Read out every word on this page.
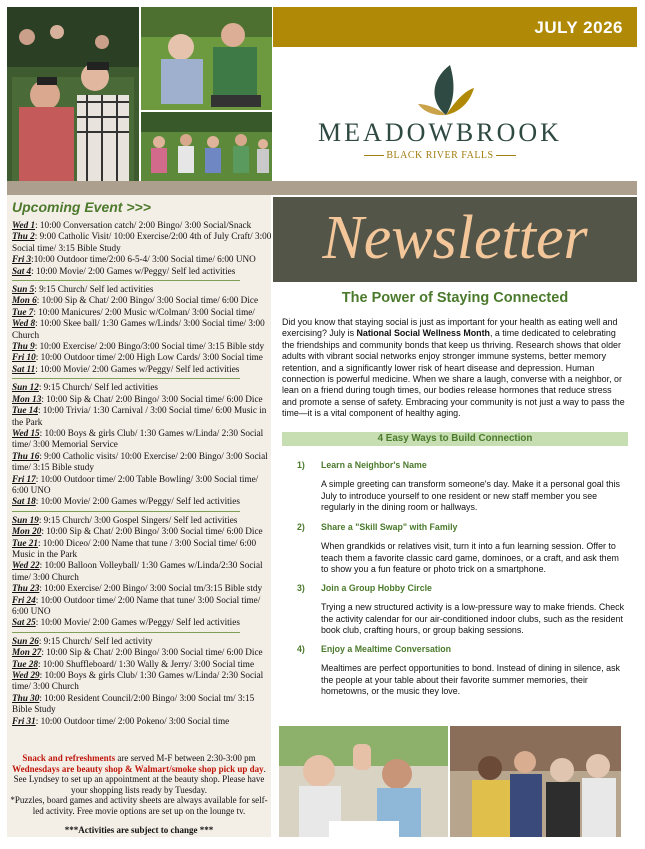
JULY 2026
MEADOWBROOK
BLACK RIVER FALLS
Upcoming Event >>>

Wed 1: 10:00 Conversation catch/ 2:00 Bingo/ 3:00 Social/Snack

Thu 2: 9:00 Catholic Visit/ 10:00 Exercise/2:00 4th of July Craft/ 3:00 Social time/ 3:15 Bible Study

Fri 3:10:00 Outdoor time/2:00 6-5-4/ 3:00 Social time/ 6:00 UNO

Sat 4: 10:00 Movie/ 2:00 Games w/Peggy/ Self led activities

Sun 5: 9:15 Church/ Self led activities

Mon 6: 10:00 Sip & Chat/ 2:00 Bingo/ 3:00 Social time/ 6:00 Dice

Tue 7: 10:00 Manicures/ 2:00 Music w/Colman/ 3:00 Social time/

Wed 8: 10:00 Skee ball/ 1:30 Games w/Linds/ 3:00 Social time/ 3:00 Church

Thu 9: 10:00 Exercise/ 2:00 Bingo/3:00 Social time/ 3:15 Bible stdy

Fri 10: 10:00 Outdoor time/ 2:00 High Low Cards/ 3:00 Social time

Sat 11: 10:00 Movie/ 2:00 Games w/Peggy/ Self led activities

Sun 12: 9:15 Church/ Self led activities

Mon 13: 10:00 Sip & Chat/ 2:00 Bingo/ 3:00 Social time/ 6:00 Dice

Tue 14: 10:00 Trivia/ 1:30 Carnival / 3:00 Social time/ 6:00 Music in the Park

Wed 15: 10:00 Boys & girls Club/ 1:30 Games w/Linda/ 2:30 Social time/ 3:00 Memorial Service

Thu 16: 9:00 Catholic visits/ 10:00 Exercise/ 2:00 Bingo/ 3:00 Social time/ 3:15 Bible study

Fri 17: 10:00 Outdoor time/ 2:00 Table Bowling/ 3:00 Social time/ 6:00 UNO

Sat 18: 10:00 Movie/ 2:00 Games w/Peggy/ Self led activities

Sun 19: 9:15 Church/ 3:00 Gospel Singers/ Self led activities

Mon 20: 10:00 Sip & Chat/ 2:00 Bingo/ 3:00 Social time/ 6:00 Dice

Tue 21: 10:00 Diceo/ 2:00 Name that tune / 3:00 Social time/ 6:00 Music in the Park

Wed 22: 10:00 Balloon Volleyball/ 1:30 Games w/Linda/2:30 Social time/ 3:00 Church

Thu 23: 10:00 Exercise/ 2:00 Bingo/ 3:00 Social tm/3:15 Bible stdy

Fri 24: 10:00 Outdoor time/ 2:00 Name that tune/ 3:00 Social time/ 6:00 UNO

Sat 25: 10:00 Movie/ 2:00 Games w/Peggy/ Self led activities

Sun 26: 9:15 Church/ Self led activity

Mon 27: 10:00 Sip & Chat/ 2:00 Bingo/ 3:00 Social time/ 6:00 Dice

Tue 28: 10:00 Shuffleboard/ 1:30 Wally & Jerry/ 3:00 Social time

Wed 29: 10:00 Boys & girls Club/ 1:30 Games w/Linda/ 2:30 Social time/ 3:00 Church

Thu 30: 10:00 Resident Council/2:00 Bingo/ 3:00 Social tm/ 3:15 Bible Study

Fri 31: 10:00 Outdoor time/ 2:00 Pokeno/ 3:00 Social time

Snack and refreshments are served M-F between 2:30-3:00 pm
Wednesdays are beauty shop & Walmart/smoke shop pick up day.
See Lyndsey to set up an appointment at the beauty shop. Please have your shopping lists ready by Tuesday.
*Puzzles, board games and activity sheets are always available for self-led activity. Free movie options are set up on the lounge tv.
***Activities are subject to change ***
Newsletter
The Power of Staying Connected
Did you know that staying social is just as important for your health as eating well and exercising? July is National Social Wellness Month, a time dedicated to celebrating the friendships and community bonds that keep us thriving. Research shows that older adults with vibrant social networks enjoy stronger immune systems, better memory retention, and a significantly lower risk of heart disease and depression. Human connection is powerful medicine. When we share a laugh, converse with a neighbor, or lean on a friend during tough times, our bodies release hormones that reduce stress and promote a sense of safety. Embracing your community is not just a way to pass the time—it is a vital component of healthy aging.
4 Easy Ways to Build Connection
1) Learn a Neighbor's Name
A simple greeting can transform someone's day. Make it a personal goal this July to introduce yourself to one resident or new staff member you see regularly in the dining room or hallways.
2) Share a "Skill Swap" with Family
When grandkids or relatives visit, turn it into a fun learning session. Offer to teach them a favorite classic card game, dominoes, or a craft, and ask them to show you a fun feature or photo trick on a smartphone.
3) Join a Group Hobby Circle
Trying a new structured activity is a low-pressure way to make friends. Check the activity calendar for our air-conditioned indoor clubs, such as the resident book club, crafting hours, or group baking sessions.
4) Enjoy a Mealtime Conversation
Mealtimes are perfect opportunities to bond. Instead of dining in silence, ask the people at your table about their favorite summer memories, their hometowns, or the music they love.
